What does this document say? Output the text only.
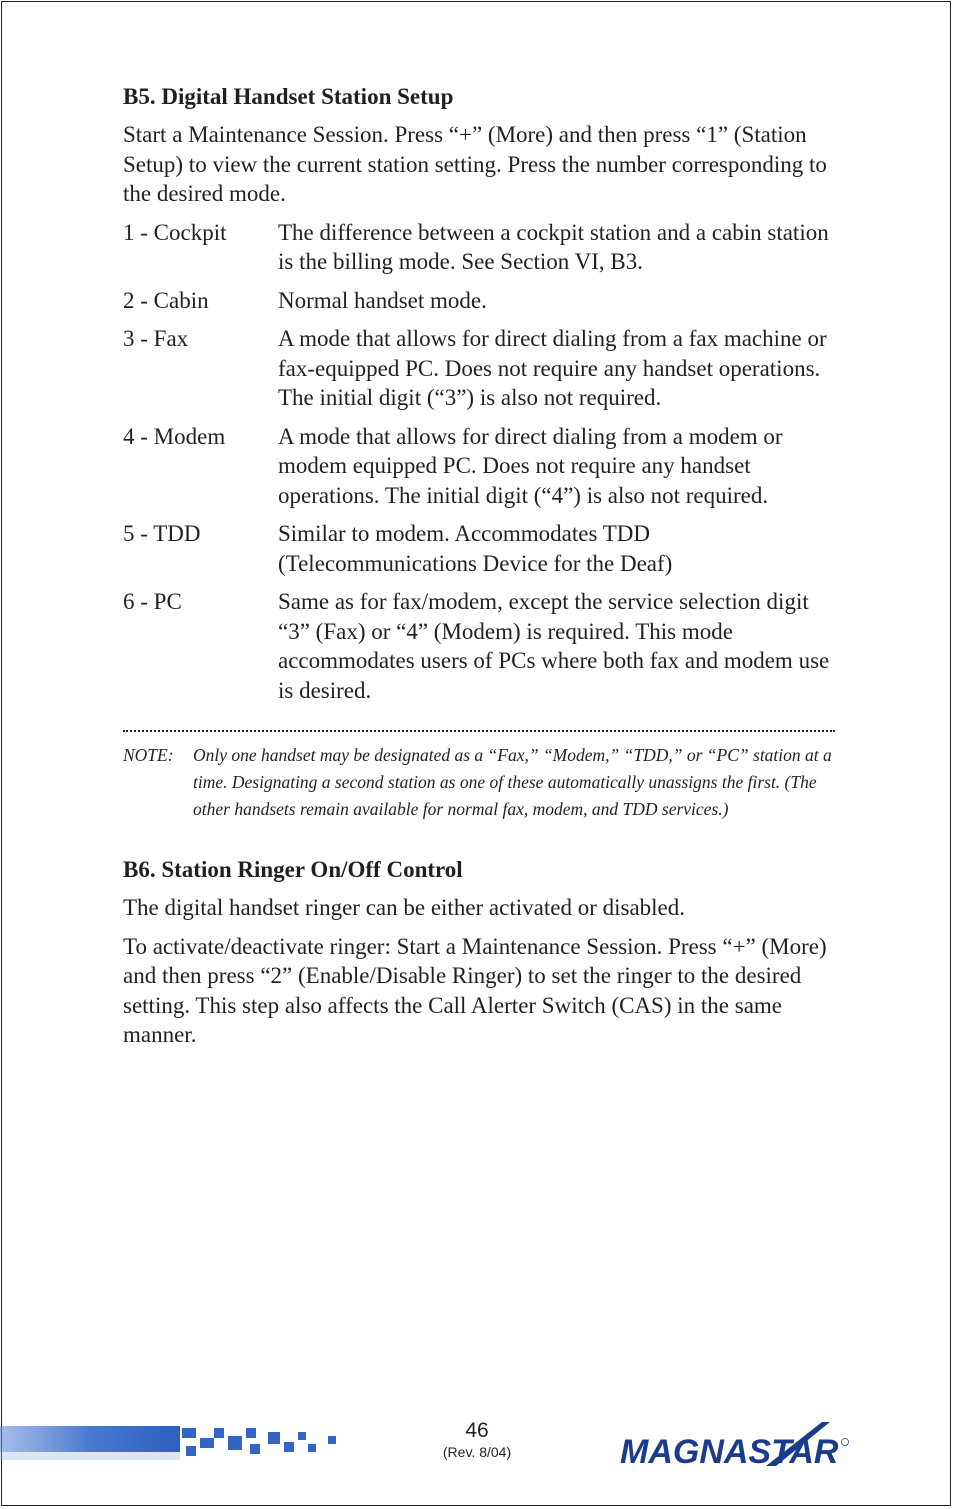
B5. Digital Handset Station Setup

Start a Maintenance Session. Press “+” (More) and then press “1” (Station Setup) to view the current station setting. Press the number corresponding to the desired mode.

1 - Cockpit	The difference between a cockpit station and a cabin station is the billing mode. See Section VI, B3.
2 - Cabin	Normal handset mode.
3 - Fax	A mode that allows for direct dialing from a fax machine or fax-equipped PC. Does not require any handset operations. The initial digit (“3”) is also not required.
4 - Modem	A mode that allows for direct dialing from a modem or modem equipped PC. Does not require any handset operations. The initial digit (“4”) is also not required.
5 - TDD	Similar to modem. Accommodates TDD (Telecommunications Device for the Deaf)
6 - PC	Same as for fax/modem, except the service selection digit “3” (Fax) or “4” (Modem) is required. This mode accommodates users of PCs where both fax and modem use is desired.
NOTE:	Only one handset may be designated as a “Fax,” “Modem,” “TDD,” or “PC” station at a time. Designating a second station as one of these automatically unassigns the first. (The other handsets remain available for normal fax, modem, and TDD services.)
B6. Station Ringer On/Off Control

The digital handset ringer can be either activated or disabled.

To activate/deactivate ringer: Start a Maintenance Session. Press “+” (More) and then press “2” (Enable/Disable Ringer) to set the ringer to the desired setting. This step also affects the Call Alerter Switch (CAS) in the same manner.

46
(Rev. 8/04)	MAGNASTAR
